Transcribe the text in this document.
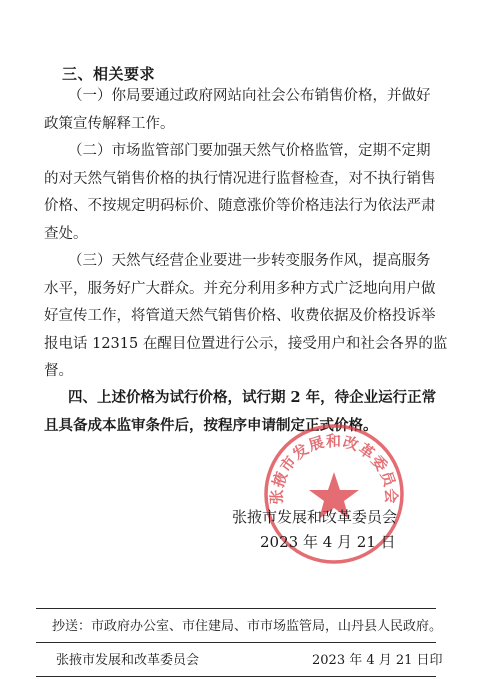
三、相关要求
（一）你局要通过政府网站向社会公布销售价格，并做好
政策宣传解释工作。
（二）市场监管部门要加强天然气价格监管，定期不定期
的对天然气销售价格的执行情况进行监督检查，对不执行销售
价格、不按规定明码标价、随意涨价等价格违法行为依法严肃
查处。
（三）天然气经营企业要进一步转变服务作风，提高服务
水平，服务好广大群众。并充分利用多种方式广泛地向用户做
好宣传工作，将管道天然气销售价格、收费依据及价格投诉举
报电话 12315 在醒目位置进行公示，接受用户和社会各界的监
督。
四、上述价格为试行价格，试行期 2 年，待企业运行正常
且具备成本监审条件后，按程序申请制定正式价格。
张掖市发展和改革委员会
张掖市发展和改革委员会
2023 年 4 月 21 日
抄送：市政府办公室、市住建局、市市场监管局，山丹县人民政府。
张掖市发展和改革委员会	2023 年 4 月 21 日印
